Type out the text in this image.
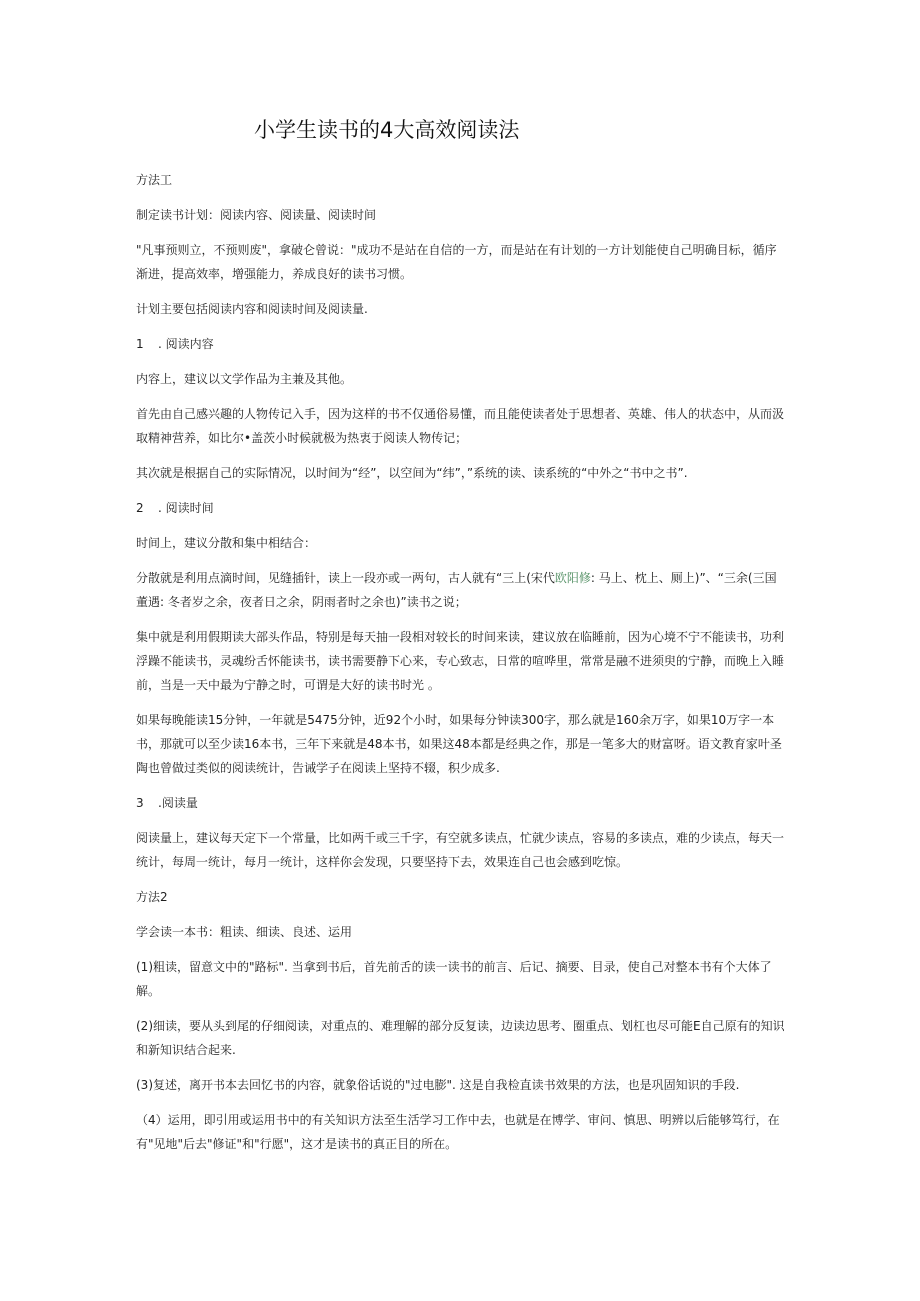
小学生读书的4大高效阅读法

方法工

制定读书计划：阅读内容、阅读量、阅读时间

"凡事预则立，不预则废"，拿破仑曾说："成功不是站在自信的一方，而是站在有计划的一方计划能使自己明确目标，循序渐进，提高效率，增强能力，养成良好的读书习惯。

计划主要包括阅读内容和阅读时间及阅读量.

1 . 阅读内容

内容上，建议以文学作品为主兼及其他。

首先由自己感兴趣的人物传记入手，因为这样的书不仅通俗易懂，而且能使读者处于思想者、英雄、伟人的状态中，从而汲取精神营养，如比尔•盖茨小时候就极为热衷于阅读人物传记；

其次就是根据自己的实际情况，以时间为“经”，以空间为“纬”，”系统的读、读系统的“中外之“书中之书”.

2 . 阅读时间

时间上，建议分散和集中相结合：

分散就是利用点滴时间，见缝插针，读上一段亦或一两句，古人就有“三上(宋代欧阳修: 马上、枕上、厕上)”、“三余(三国董遇: 冬者岁之余，夜者日之余，阴雨者时之余也)”读书之说；

集中就是利用假期读大部头作品，特别是每天抽一段相对较长的时间来读，建议放在临睡前，因为心境不宁不能读书，功利浮躁不能读书，灵魂纷舌怀能读书，读书需要静下心来，专心致志，日常的喧哗里，常常是融不进须臾的宁静，而晚上入睡前，当是一天中最为宁静之时，可谓是大好的读书时光 。

如果每晚能读15分钟，一年就是5475分钟，近92个小时，如果每分钟读300字，那么就是160余万字，如果10万字一本书，那就可以至少读16本书，三年下来就是48本书，如果这48本都是经典之作，那是一笔多大的财富呀。语文教育家叶圣陶也曾做过类似的阅读统计，告诫学子在阅读上坚持不辍，积少成多.

3 .阅读量

阅读量上，建议每天定下一个常量，比如两千或三千字，有空就多读点，忙就少读点，容易的多读点，难的少读点，每天一统计，每周一统计，每月一统计，这样你会发现，只要坚持下去，效果连自己也会感到吃惊。

方法2

学会读一本书：粗读、细读、良述、运用

(1)粗读，留意文中的"路标". 当拿到书后，首先前舌的读一读书的前言、后记、摘要、目录，使自己对整本书有个大体了解。

(2)细读，要从头到尾的仔细阅读，对重点的、难理解的部分反复读，边读边思考、圈重点、划杠也尽可能E自己原有的知识和新知识结合起来.

(3)复述，离开书本去回忆书的内容，就象俗话说的"过电膨". 这是自我检直读书效果的方法，也是巩固知识的手段.

（4）运用，即引用或运用书中的有关知识方法至生活学习工作中去，也就是在博学、审问、慎思、明辨以后能够笃行，在有"见地"后去"修证"和"行愿"，这才是读书的真正目的所在。
